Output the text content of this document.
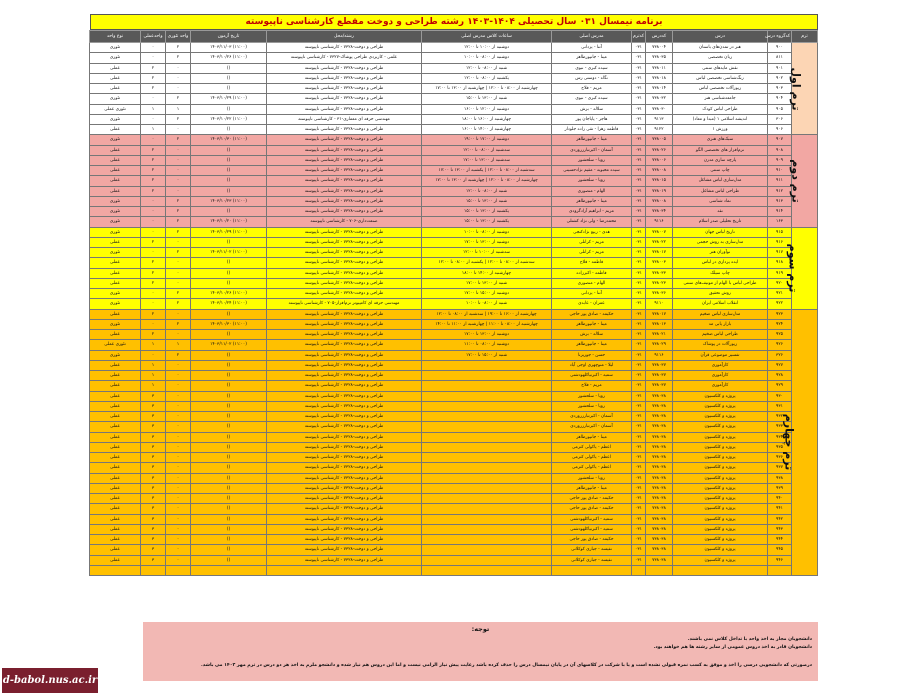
برنامه نیمسال ۰۳۱ سال تحصیلی ۱۴۰۴-۱۴۰۳ رشته طراحی و دوخت مقطع کارشناسی ناپیوسته
ترم	کدگروه درس	درس	کددرس	کدترم	مدرس اصلی	ساعات کلاس مدرس اصلی	رشته/محل	تاریخ آزمون	واحد تئوری	واحدعملی	نوع واحد
ترم اول	۹۰۰	هنر در تمدن‌های باستان	۷۳۸۰۰۴	۰۳۱	آتنا - یزدانی	دوشنبه از ۱۰:۰۰ تا ۱۲:۰۰	طراحی و دوخت-۷۳۲۸ - کارشناسی ناپیوسته	(۱۱:۰۰) ۱۴۰۳/۱۱/۰۳	۲	۰	تئوری
	۸۱۱	زبان تخصصی	۷۳۸۰۳۵	۰۳۱	مینا - جانپورطاهر	دوشنبه از ۰۸:۰۰ تا ۱۰:۰۰	علمی - کاربردی طراحی پوشاک-۷۳۲۷ - کارشناسی ناپیوسته	(۱۱:۰۰) ۱۴۰۳/۱۰/۲۶	۲	۰	تئوری
	۹۰۱	نقش مایه‌های سنتی	۷۳۸۰۱۱	۰۳۱	سیده کبری - نبوی	شنبه از ۰۸:۰۰ تا ۱۲:۰۰	طراحی و دوخت-۷۳۲۸ - کارشناسی ناپیوسته	()	۰	۲	عملی
	۹۰۲	رنگ‌شناسی تخصصی لباس	۷۳۸۰۱۸	۰۳۱	نگاه - دوستی رس	یکشنبه از ۰۸:۰۰ تا ۱۲:۰۰	طراحی و دوخت-۷۳۲۸ - کارشناسی ناپیوسته	()	۰	۲	عملی
	۹۰۳	زیورآلات تخصصی لباس	۷۳۸۰۱۴	۰۳۱	مریم - فلاح	چهارشنبه از ۰۸:۰۰ تا ۱۲:۰۰ | چهارشنبه از ۱۳:۰۰ تا ۱۷:۰۰	طراحی و دوخت-۷۳۲۸ - کارشناسی ناپیوسته	()	۰	۲	عملی
	۹۰۴	جامعه‌شناسی هنر	۷۳۸۰۳۲	۰۳۱	سیده کبری - نبوی	شنبه از ۱۳:۰۰ تا ۱۵:۰۰	طراحی و دوخت-۷۳۲۸ - کارشناسی ناپیوسته	(۱۱:۰۰) ۱۴۰۳/۱۰/۲۹	۲	۰	تئوری
	۹۰۵	طراحی لباس کودک	۷۳۸۰۳۰	۰۳۱	سلاله - برش	دوشنبه از ۱۲:۰۰ تا ۱۶:۰۰	طراحی و دوخت-۷۳۲۸ - کارشناسی ناپیوسته	()	۱	۱	تئوری عملی
	۳۰۶	اندیشه اسلامی ۱ (مبدا و معاد)	۹۱۱۳	۰۳۱	هاجر - پایاجان پور	چهارشنبه از ۱۶:۰۰ تا ۱۸:۰۰	مهندسی حرفه ای معماری-۳۱ - کارشناسی ناپیوسته	(۱۱:۰۰) ۱۴۰۳/۱۰/۲۲	۲	۰	تئوری
	۹۰۶	ورزش ۱	۹۱۲۲	۰۳۱	فاطمه زهرا - تقی زاده جلودار	چهارشنبه از ۱۴:۰۰ تا ۱۶:۰۰	طراحی و دوخت-۷۳۲۸ - کارشناسی ناپیوسته	()	۰	۱	عملی
ترم دوم	۹۰۷	سبک‌های هنری	۷۳۸۰۰۵	۰۳۱	مینا - جانپورطاهر	دوشنبه از ۱۷:۰۰ تا ۱۹:۰۰	طراحی و دوخت-۷۳۲۸ - کارشناسی ناپیوسته	(۱۱:۰۰) ۱۴۰۳/۱۰/۳۰	۲	۰	تئوری
	۹۰۸	نرم‌افزار های تخصصی الگو	۷۳۸۰۲۶	۰۳۱	آسمان - اکبرتبارزروردی	سه‌شنبه از ۰۸:۰۰ تا ۱۲:۰۰	طراحی و دوخت-۷۳۲۸ - کارشناسی ناپیوسته	()	۰	۲	عملی
	۹۰۹	پارچه سازی مدرن	۷۳۸۰۰۶	۰۳۱	رویا - سلحشور	سه‌شنبه از ۱۳:۰۰ تا ۱۷:۰۰	طراحی و دوخت-۷۳۲۸ - کارشناسی ناپیوسته	()	۰	۲	عملی
	۹۱۰	چاپ سنتی	۷۳۸۰۰۸	۰۳۱	سیده محبوبه - مقیم نژادحسینی	سه‌شنبه از ۰۸:۰۰ تا ۱۲:۰۰ | یکشنبه از ۱۳:۰۰ تا ۱۷:۰۰	طراحی و دوخت-۷۳۲۸ - کارشناسی ناپیوسته	()	۰	۲	عملی
	۹۱۱	مدل‌سازی لباس مشاغل	۷۳۸۰۱۵	۰۳۱	رویا - سلحشور	چهارشنبه از ۰۸:۰۰ تا ۱۲:۰۰ | چهارشنبه از ۱۳:۰۰ تا ۱۷:۰۰	طراحی و دوخت-۷۳۲۸ - کارشناسی ناپیوسته	()	۰	۲	عملی
	۹۱۲	طراحی لباس مشاغل	۷۳۸۰۱۹	۰۳۱	الهام - منصوری	شنبه از ۰۸:۰۰ تا ۱۲:۰۰	طراحی و دوخت-۷۳۲۸ - کارشناسی ناپیوسته	()	۰	۲	عملی
	۹۱۳	نماد شناسی	۷۳۸۰۰۸	۰۳۱	مینا - جانپورطاهر	شنبه از ۱۳:۰۰ تا ۱۵:۰۰	طراحی و دوخت-۷۳۲۸ - کارشناسی ناپیوسته	(۱۱:۰۰) ۱۴۰۳/۱۰/۲۳	۲	۰	تئوری
	۹۱۴	نقد	۷۳۸۰۳۴	۰۳۱	مریم - ابراهیم آزادگرودی	یکشنبه از ۱۳:۰۰ تا ۱۵:۰۰	طراحی و دوخت-۷۳۲۸ - کارشناسی ناپیوسته	()	۲	۰	تئوری
	۱۶۳	تاریخ تحلیلی صدر اسلام	۹۱۱۶	۰۳۱	محمدرضا - ولی نژاد کشتلی	یکشنبه از ۱۳:۰۰ تا ۱۵:۰۰	صنعت‌داری-۷۰۶ - کارشناسی ناپیوسته	(۱۱:۰۰) ۱۴۰۳/۱۰/۲۰	۲	۰	تئوری
ترم سوم	۹۱۵	تاریخ لباس جهان	۷۳۸۰۰۷	۰۳۱	هدی - ربیع نژادکنجی	دوشنبه از ۰۸:۰۰ تا ۱۰:۰۰	طراحی و دوخت-۷۳۲۸ - کارشناسی ناپیوسته	(۱۱:۰۰) ۱۴۰۳/۱۰/۲۹	۲	۰	تئوری
	۹۱۶	مدل‌سازی به روش حجمی	۷۳۸۰۲۲	۰۳۱	مریم - کرانلی	دوشنبه از ۱۳:۰۰ تا ۱۷:۰۰	طراحی و دوخت-۷۳۲۸ - کارشناسی ناپیوسته	()	۰	۲	عملی
	۹۱۷	نوآوران هنر	۷۳۸۰۱۷	۰۳۱	مریم - کرانلی	سه‌شنبه از ۱۰:۰۰ تا ۱۲:۰۰	طراحی و دوخت-۷۳۲۸ - کارشناسی ناپیوسته	(۱۱:۰۰) ۱۴۰۳/۱۱/۰۲	۲	۰	تئوری
	۹۱۸	ایده پردازی در لباس	۷۳۸۰۰۳	۰۳۱	فاطمه - فلاح	سه‌شنبه از ۰۸:۰۰ تا ۱۲:۰۰ | یکشنبه از ۰۸:۰۰ تا ۱۲:۰۰	طراحی و دوخت-۷۳۲۸ - کارشناسی ناپیوسته	()	۰	۲	عملی
	۹۱۹	چاپ سیلک	۷۳۸۰۳۳	۰۳۱	فاطمه - اکبرزاده	چهارشنبه از ۱۴:۰۰ تا ۱۸:۰۰	طراحی و دوخت-۷۳۲۸ - کارشناسی ناپیوسته	()	۰	۲	عملی
	۹۲۰	طراحی لباس با الهام از موتیف‌های سنتی	۷۳۸۰۲۳	۰۳۱	الهام - منصوری	شنبه از ۱۳:۰۰ تا ۱۷:۰۰	طراحی و دوخت-۷۳۲۸ - کارشناسی ناپیوسته	()	۰	۲	عملی
	۹۲۱	روش تحقیق	۷۳۸۰۳۶	۰۳۱	آتنا - یزدانی	دوشنبه از ۱۵:۰۰ تا ۱۷:۰۰	طراحی و دوخت-۷۳۲۸ - کارشناسی ناپیوسته	(۱۱:۰۰) ۱۴۰۳/۱۰/۲۶	۲	۰	تئوری
	۹۲۲	انقلاب اسلامی ایران	۹۱۱۰	۰۳۱	عمران - عابدی	شنبه از ۰۸:۰۰ تا ۱۰:۰۰	مهندسی حرفه ای کامپیوتر نرم‌افزار-۷۰۵ - کارشناسی ناپیوسته	(۱۱:۰۰) ۱۴۰۳/۱۰/۲۴	۲	۰	تئوری
ترم چهارم	۹۲۳	مدل‌سازی لباس ضخیم	۷۳۸۰۱۷	۰۳۱	حکیمه - صادق پور حاجی	چهارشنبه از ۱۶:۰۰ تا ۱۹:۰۰ | سه‌شنبه از ۰۸:۰۰ تا ۱۲:۰۰	طراحی و دوخت-۷۳۲۸ - کارشناسی ناپیوسته	()	۰	۲	عملی
	۹۲۴	بازار یابی مد	۷۳۸۰۱۳	۰۳۱	مینا - جانپورطاهر	چهارشنبه از ۰۸:۰۰ تا ۱۱:۰۰ | چهارشنبه از ۱۱:۰۰ تا ۱۴:۰۰	طراحی و دوخت-۷۳۲۸ - کارشناسی ناپیوسته	(۱۱:۰۰) ۱۴۰۳/۱۰/۳۰	۲	۰	تئوری
	۹۲۵	طراحی لباس ضخیم	۷۳۸۰۲۱	۰۳۱	سلاله - برش	دوشنبه از ۱۳:۰۰ تا ۱۷:۰۰	طراحی و دوخت-۷۳۲۸ - کارشناسی ناپیوسته	()	۰	۲	عملی
	۹۲۶	زیورآلات در پوشاک	۷۳۸۰۲۹	۰۳۱	مینا - جانپورطاهر	دوشنبه از ۰۸:۰۰ تا ۱۱:۰۰	طراحی و دوخت-۷۳۲۸ - کارشناسی ناپیوسته	(۱۱:۰۰) ۱۴۰۳/۱۱/۰۲	۱	۱	تئوری عملی
	۳۲۶	تفسیر موضوعی قرآن	۹۱۱۶	۰۳۱	حسن - جوربرنا	شنبه از ۱۵:۰۰ تا ۱۷:۰۰	طراحی و دوخت-۷۳۲۸ - کارشناسی ناپیوسته	()	۲	۰	تئوری
	۹۲۷	کارآموزی	۷۳۸۰۳۷	۰۳۱	لیلا - منوچهری اوجی آباد		طراحی و دوخت-۷۳۲۸ - کارشناسی ناپیوسته	()	۰	۱	عملی
	۹۲۸	کارآموزی	۷۳۸۰۳۷	۰۳۱	سمیه - اکبرنیاکلهودشتی		طراحی و دوخت-۷۳۲۸ - کارشناسی ناپیوسته	()	۰	۱	عملی
	۹۲۹	کارآموزی	۷۳۸۰۳۷	۰۳۱	مریم - فلاح		طراحی و دوخت-۷۳۲۸ - کارشناسی ناپیوسته	()	۰	۱	عملی
	۹۳۰	پروژه و کلکسیون	۷۳۸۰۳۸	۰۳۱	رویا - سلحشور		طراحی و دوخت-۷۳۲۸ - کارشناسی ناپیوسته	()	۰	۳	عملی
	۹۳۱	پروژه و کلکسیون	۷۳۸۰۳۸	۰۳۱	رویا - سلحشور		طراحی و دوخت-۷۳۲۸ - کارشناسی ناپیوسته	()	۰	۳	عملی
	۹۳۲	پروژه و کلکسیون	۷۳۸۰۳۸	۰۳۱	آسمان - اکبرتبارزروردی		طراحی و دوخت-۷۳۲۸ - کارشناسی ناپیوسته	()	۰	۳	عملی
	۹۳۳	پروژه و کلکسیون	۷۳۸۰۳۸	۰۳۱	آسمان - اکبرتبارزروردی		طراحی و دوخت-۷۳۲۸ - کارشناسی ناپیوسته	()	۰	۳	عملی
	۹۳۴	پروژه و کلکسیون	۷۳۸۰۳۸	۰۳۱	مینا - جانپورطاهر		طراحی و دوخت-۷۳۲۸ - کارشناسی ناپیوسته	()	۰	۳	عملی
	۹۳۵	پروژه و کلکسیون	۷۳۸۰۳۸	۰۳۱	اعظم - یاکولی کترمی		طراحی و دوخت-۷۳۲۸ - کارشناسی ناپیوسته	()	۰	۳	عملی
	۹۳۶	پروژه و کلکسیون	۷۳۸۰۳۸	۰۳۱	اعظم - یاکولی کترمی		طراحی و دوخت-۷۳۲۸ - کارشناسی ناپیوسته	()	۰	۳	عملی
	۹۳۷	پروژه و کلکسیون	۷۳۸۰۳۸	۰۳۱	اعظم - یاکولی کترمی		طراحی و دوخت-۷۳۲۸ - کارشناسی ناپیوسته	()	۰	۳	عملی
	۹۳۸	پروژه و کلکسیون	۷۳۸۰۳۸	۰۳۱	رویا - سلحشور		طراحی و دوخت-۷۳۲۸ - کارشناسی ناپیوسته	()	۰	۳	عملی
	۹۳۹	پروژه و کلکسیون	۷۳۸۰۳۸	۰۳۱	مینا - جانپورطاهر		طراحی و دوخت-۷۳۲۸ - کارشناسی ناپیوسته	()	۰	۳	عملی
	۹۴۰	پروژه و کلکسیون	۷۳۸۰۳۸	۰۳۱	حکیمه - صادق پور حاجی		طراحی و دوخت-۷۳۲۸ - کارشناسی ناپیوسته	()	۰	۳	عملی
	۹۴۱	پروژه و کلکسیون	۷۳۸۰۳۸	۰۳۱	حکیمه - صادق پور حاجی		طراحی و دوخت-۷۳۲۸ - کارشناسی ناپیوسته	()	۰	۳	عملی
	۹۴۲	پروژه و کلکسیون	۷۳۸۰۳۸	۰۳۱	سمیه - اکبرنیاکلهودشتی		طراحی و دوخت-۷۳۲۸ - کارشناسی ناپیوسته	()	۰	۳	عملی
	۹۴۳	پروژه و کلکسیون	۷۳۸۰۳۸	۰۳۱	سمیه - اکبرنیاکلهودشتی		طراحی و دوخت-۷۳۲۸ - کارشناسی ناپیوسته	()	۰	۳	عملی
	۹۴۴	پروژه و کلکسیون	۷۳۸۰۳۸	۰۳۱	حکیمه - صادق پور حاجی		طراحی و دوخت-۷۳۲۸ - کارشناسی ناپیوسته	()	۰	۳	عملی
	۹۴۵	پروژه و کلکسیون	۷۳۸۰۳۸	۰۳۱	نفیسه - جباری کوکلانی		طراحی و دوخت-۷۳۲۸ - کارشناسی ناپیوسته	()	۰	۳	عملی
	۹۴۶	پروژه و کلکسیون	۷۳۸۰۳۸	۰۳۱	نفیسه - جباری کوکلانی		طراحی و دوخت-۷۳۲۸ - کارشناسی ناپیوسته	()	۰	۳	عملی

توجه:
دانشجویان مجاز به اخذ واحد با تداخل کلاس نمی باشند.
دانشجویان قادر به اخذ دروس عمومی از سایر رشته ها هم خواهند بود.
درصورتی که دانشجویی درسی را اخذ و موفق به کسب نمره قبولی نشده است و یا با شرکت در کلاسهای آن در پایان نیمسال درس را حذف کرده باشد رعایت پیش نیاز الزامی نیست و اما این دروس هم نیاز شده و دانشجو ملزم به اخذ هر دو درس در ترم مهر ۱۴۰۳ می باشد.
d-babol.nus.ac.ir
